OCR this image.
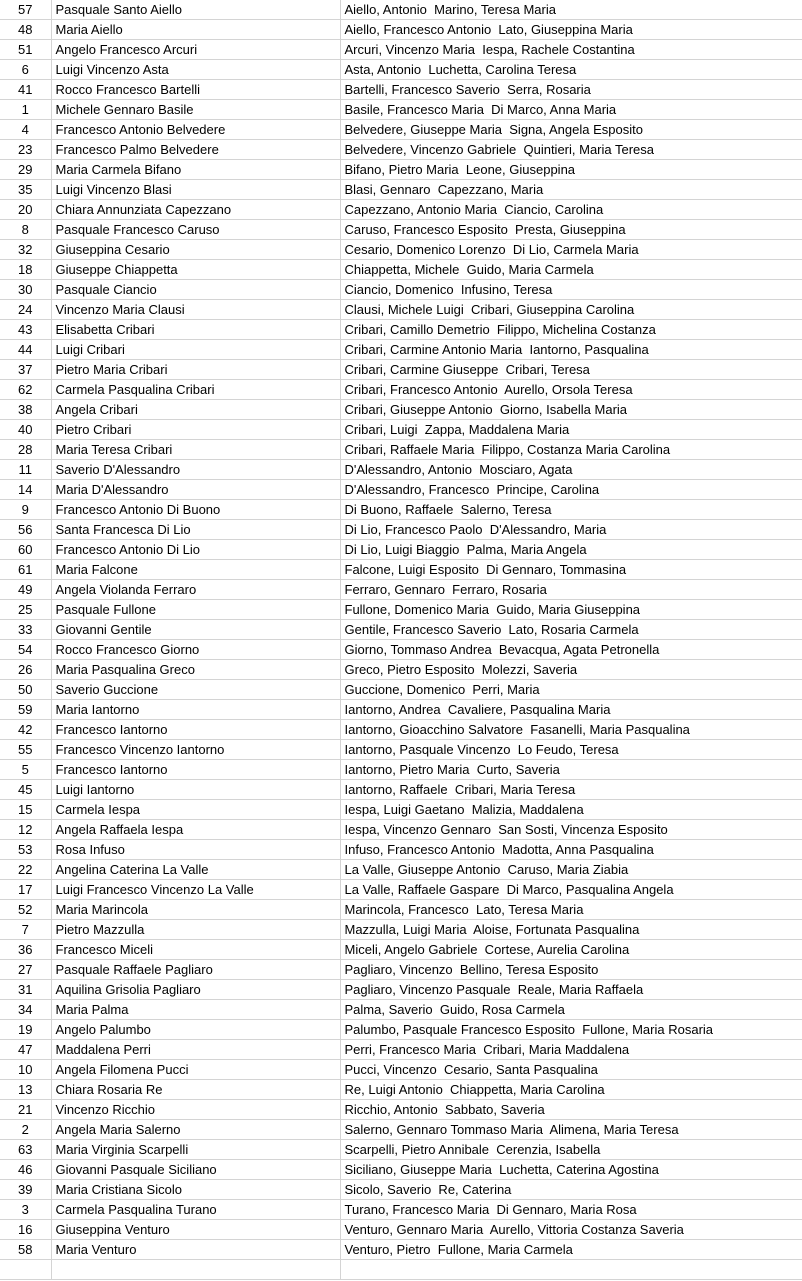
57	Pasquale Santo Aiello	Aiello, Antonio  Marino, Teresa Maria
48	Maria Aiello	Aiello, Francesco Antonio  Lato, Giuseppina Maria
51	Angelo Francesco Arcuri	Arcuri, Vincenzo Maria  Iespa, Rachele Costantina
6	Luigi Vincenzo Asta	Asta, Antonio  Luchetta, Carolina Teresa
41	Rocco Francesco Bartelli	Bartelli, Francesco Saverio  Serra, Rosaria
1	Michele Gennaro Basile	Basile, Francesco Maria  Di Marco, Anna Maria
4	Francesco Antonio Belvedere	Belvedere, Giuseppe Maria  Signa, Angela Esposito
23	Francesco Palmo Belvedere	Belvedere, Vincenzo Gabriele  Quintieri, Maria Teresa
29	Maria Carmela Bifano	Bifano, Pietro Maria  Leone, Giuseppina
35	Luigi Vincenzo Blasi	Blasi, Gennaro  Capezzano, Maria
20	Chiara Annunziata Capezzano	Capezzano, Antonio Maria  Ciancio, Carolina
8	Pasquale Francesco Caruso	Caruso, Francesco Esposito  Presta, Giuseppina
32	Giuseppina Cesario	Cesario, Domenico Lorenzo  Di Lio, Carmela Maria
18	Giuseppe Chiappetta	Chiappetta, Michele  Guido, Maria Carmela
30	Pasquale Ciancio	Ciancio, Domenico  Infusino, Teresa
24	Vincenzo Maria Clausi	Clausi, Michele Luigi  Cribari, Giuseppina Carolina
43	Elisabetta Cribari	Cribari, Camillo Demetrio  Filippo, Michelina Costanza
44	Luigi Cribari	Cribari, Carmine Antonio Maria  Iantorno, Pasqualina
37	Pietro Maria Cribari	Cribari, Carmine Giuseppe  Cribari, Teresa
62	Carmela Pasqualina Cribari	Cribari, Francesco Antonio  Aurello, Orsola Teresa
38	Angela Cribari	Cribari, Giuseppe Antonio  Giorno, Isabella Maria
40	Pietro Cribari	Cribari, Luigi  Zappa, Maddalena Maria
28	Maria Teresa Cribari	Cribari, Raffaele Maria  Filippo, Costanza Maria Carolina
11	Saverio D'Alessandro	D'Alessandro, Antonio  Mosciaro, Agata
14	Maria D'Alessandro	D'Alessandro, Francesco  Principe, Carolina
9	Francesco Antonio Di Buono	Di Buono, Raffaele  Salerno, Teresa
56	Santa Francesca Di Lio	Di Lio, Francesco Paolo  D'Alessandro, Maria
60	Francesco Antonio Di Lio	Di Lio, Luigi Biaggio  Palma, Maria Angela
61	Maria Falcone	Falcone, Luigi Esposito  Di Gennaro, Tommasina
49	Angela Violanda Ferraro	Ferraro, Gennaro  Ferraro, Rosaria
25	Pasquale Fullone	Fullone, Domenico Maria  Guido, Maria Giuseppina
33	Giovanni Gentile	Gentile, Francesco Saverio  Lato, Rosaria Carmela
54	Rocco Francesco Giorno	Giorno, Tommaso Andrea  Bevacqua, Agata Petronella
26	Maria Pasqualina Greco	Greco, Pietro Esposito  Molezzi, Saveria
50	Saverio Guccione	Guccione, Domenico  Perri, Maria
59	Maria Iantorno	Iantorno, Andrea  Cavaliere, Pasqualina Maria
42	Francesco Iantorno	Iantorno, Gioacchino Salvatore  Fasanelli, Maria Pasqualina
55	Francesco Vincenzo Iantorno	Iantorno, Pasquale Vincenzo  Lo Feudo, Teresa
5	Francesco Iantorno	Iantorno, Pietro Maria  Curto, Saveria
45	Luigi Iantorno	Iantorno, Raffaele  Cribari, Maria Teresa
15	Carmela Iespa	Iespa, Luigi Gaetano  Malizia, Maddalena
12	Angela Raffaela Iespa	Iespa, Vincenzo Gennaro  San Sosti, Vincenza Esposito
53	Rosa Infuso	Infuso, Francesco Antonio  Madotta, Anna Pasqualina
22	Angelina Caterina La Valle	La Valle, Giuseppe Antonio  Caruso, Maria Ziabia
17	Luigi Francesco Vincenzo La Valle	La Valle, Raffaele Gaspare  Di Marco, Pasqualina Angela
52	Maria Marincola	Marincola, Francesco  Lato, Teresa Maria
7	Pietro Mazzulla	Mazzulla, Luigi Maria  Aloise, Fortunata Pasqualina
36	Francesco Miceli	Miceli, Angelo Gabriele  Cortese, Aurelia Carolina
27	Pasquale Raffaele Pagliaro	Pagliaro, Vincenzo  Bellino, Teresa Esposito
31	Aquilina Grisolia Pagliaro	Pagliaro, Vincenzo Pasquale  Reale, Maria Raffaela
34	Maria Palma	Palma, Saverio  Guido, Rosa Carmela
19	Angelo Palumbo	Palumbo, Pasquale Francesco Esposito  Fullone, Maria Rosaria
47	Maddalena Perri	Perri, Francesco Maria  Cribari, Maria Maddalena
10	Angela Filomena Pucci	Pucci, Vincenzo  Cesario, Santa Pasqualina
13	Chiara Rosaria Re	Re, Luigi Antonio  Chiappetta, Maria Carolina
21	Vincenzo Ricchio	Ricchio, Antonio  Sabbato, Saveria
2	Angela Maria Salerno	Salerno, Gennaro Tommaso Maria  Alimena, Maria Teresa
63	Maria Virginia Scarpelli	Scarpelli, Pietro Annibale  Cerenzia, Isabella
46	Giovanni Pasquale Siciliano	Siciliano, Giuseppe Maria  Luchetta, Caterina Agostina
39	Maria Cristiana Sicolo	Sicolo, Saverio  Re, Caterina
3	Carmela Pasqualina Turano	Turano, Francesco Maria  Di Gennaro, Maria Rosa
16	Giuseppina Venturo	Venturo, Gennaro Maria  Aurello, Vittoria Costanza Saveria
58	Maria Venturo	Venturo, Pietro  Fullone, Maria Carmela
